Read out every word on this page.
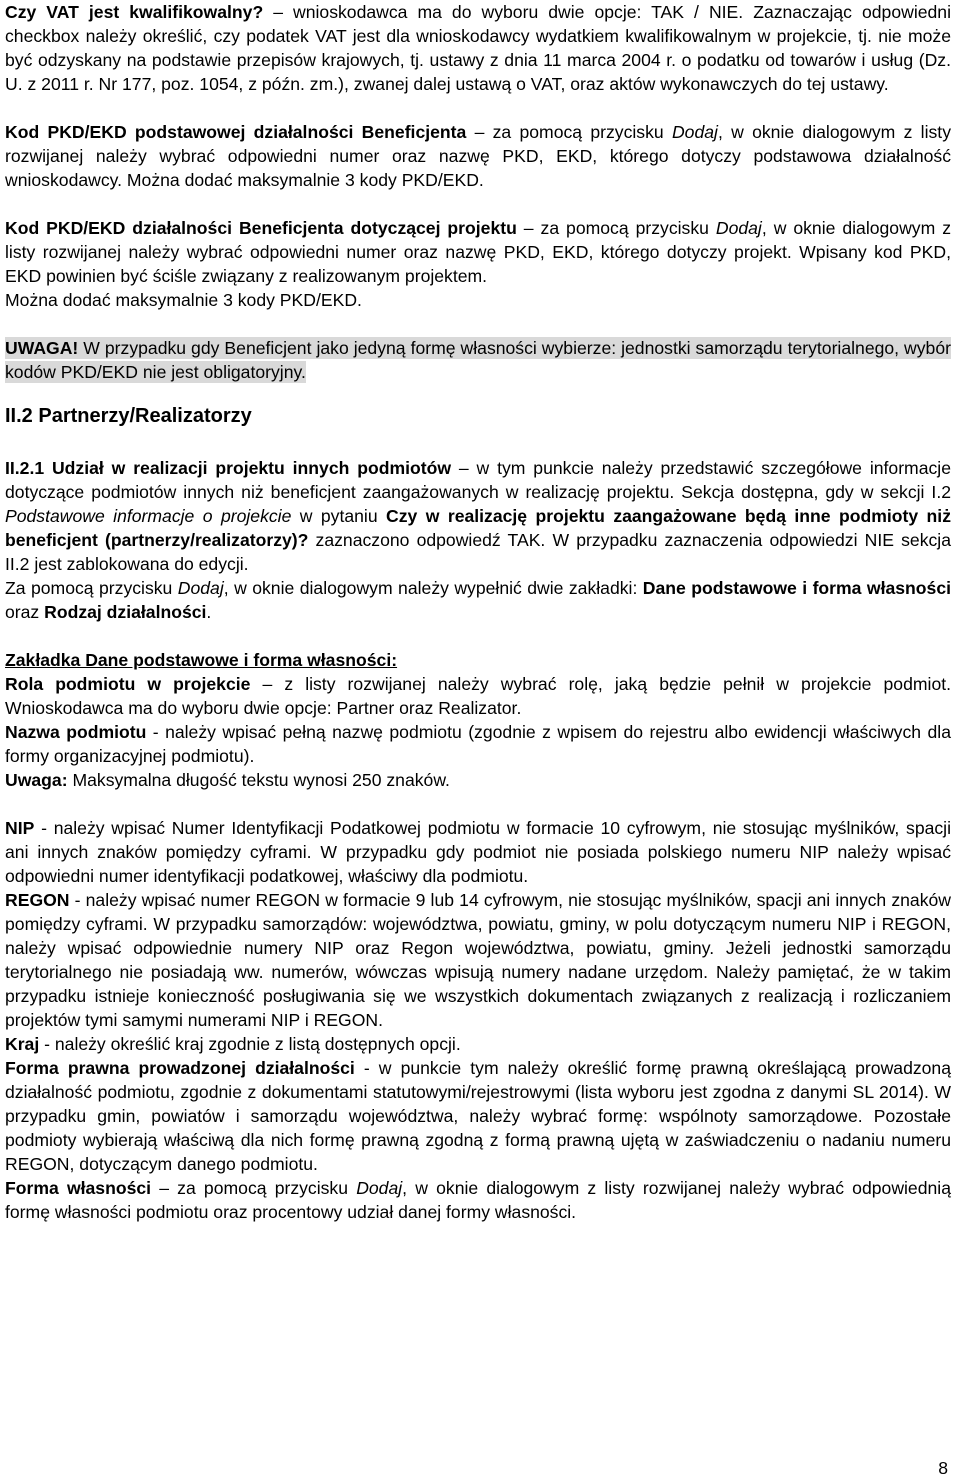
Czy VAT jest kwalifikowalny? – wnioskodawca ma do wyboru dwie opcje: TAK / NIE. Zaznaczając odpowiedni checkbox należy określić, czy podatek VAT jest dla wnioskodawcy wydatkiem kwalifikowalnym w projekcie, tj. nie może być odzyskany na podstawie przepisów krajowych, tj. ustawy z dnia 11 marca 2004 r. o podatku od towarów i usług (Dz. U. z 2011 r. Nr 177, poz. 1054, z późn. zm.), zwanej dalej ustawą o VAT, oraz aktów wykonawczych do tej ustawy.

Kod PKD/EKD podstawowej działalności Beneficjenta – za pomocą przycisku Dodaj, w oknie dialogowym z listy rozwijanej należy wybrać odpowiedni numer oraz nazwę PKD, EKD, którego dotyczy podstawowa działalność wnioskodawcy. Można dodać maksymalnie 3 kody PKD/EKD.

Kod PKD/EKD działalności Beneficjenta dotyczącej projektu – za pomocą przycisku Dodaj, w oknie dialogowym z listy rozwijanej należy wybrać odpowiedni numer oraz nazwę PKD, EKD, którego dotyczy projekt. Wpisany kod PKD, EKD powinien być ściśle związany z realizowanym projektem.

Można dodać maksymalnie 3 kody PKD/EKD.

UWAGA! W przypadku gdy Beneficjent jako jedyną formę własności wybierze: jednostki samorządu terytorialnego, wybór kodów PKD/EKD nie jest obligatoryjny.
II.2 Partnerzy/Realizatorzy

II.2.1 Udział w realizacji projektu innych podmiotów – w tym punkcie należy przedstawić szczegółowe informacje dotyczące podmiotów innych niż beneficjent zaangażowanych w realizację projektu. Sekcja dostępna, gdy w sekcji I.2 Podstawowe informacje o projekcie w pytaniu Czy w realizację projektu zaangażowane będą inne podmioty niż beneficjent (partnerzy/realizatorzy)? zaznaczono odpowiedź TAK. W przypadku zaznaczenia odpowiedzi NIE sekcja II.2 jest zablokowana do edycji.

Za pomocą przycisku Dodaj, w oknie dialogowym należy wypełnić dwie zakładki: Dane podstawowe i forma własności oraz Rodzaj działalności.

Zakładka Dane podstawowe i forma własności:

Rola podmiotu w projekcie – z listy rozwijanej należy wybrać rolę, jaką będzie pełnił w projekcie podmiot. Wnioskodawca ma do wyboru dwie opcje: Partner oraz Realizator.

Nazwa podmiotu - należy wpisać pełną nazwę podmiotu (zgodnie z wpisem do rejestru albo ewidencji właściwych dla formy organizacyjnej podmiotu).

Uwaga: Maksymalna długość tekstu wynosi 250 znaków.

NIP - należy wpisać Numer Identyfikacji Podatkowej podmiotu w formacie 10 cyfrowym, nie stosując myślników, spacji ani innych znaków pomiędzy cyframi. W przypadku gdy podmiot nie posiada polskiego numeru NIP należy wpisać odpowiedni numer identyfikacji podatkowej, właściwy dla podmiotu.

REGON - należy wpisać numer REGON w formacie 9 lub 14 cyfrowym, nie stosując myślników, spacji ani innych znaków pomiędzy cyframi. W przypadku samorządów: województwa, powiatu, gminy, w polu dotyczącym numeru NIP i REGON, należy wpisać odpowiednie numery NIP oraz Regon województwa, powiatu, gminy. Jeżeli jednostki samorządu terytorialnego nie posiadają ww. numerów, wówczas wpisują numery nadane urzędom. Należy pamiętać, że w takim przypadku istnieje konieczność posługiwania się we wszystkich dokumentach związanych z realizacją i rozliczaniem projektów tymi samymi numerami NIP i REGON.

Kraj - należy określić kraj zgodnie z listą dostępnych opcji.

Forma prawna prowadzonej działalności - w punkcie tym należy określić formę prawną określającą prowadzoną działalność podmiotu, zgodnie z dokumentami statutowymi/rejestrowymi (lista wyboru jest zgodna z danymi SL 2014). W przypadku gmin, powiatów i samorządu województwa, należy wybrać formę: wspólnoty samorządowe. Pozostałe podmioty wybierają właściwą dla nich formę prawną zgodną z formą prawną ujętą w zaświadczeniu o nadaniu numeru REGON, dotyczącym danego podmiotu.

Forma własności – za pomocą przycisku Dodaj, w oknie dialogowym z listy rozwijanej należy wybrać odpowiednią formę własności podmiotu oraz procentowy udział danej formy własności.

8
